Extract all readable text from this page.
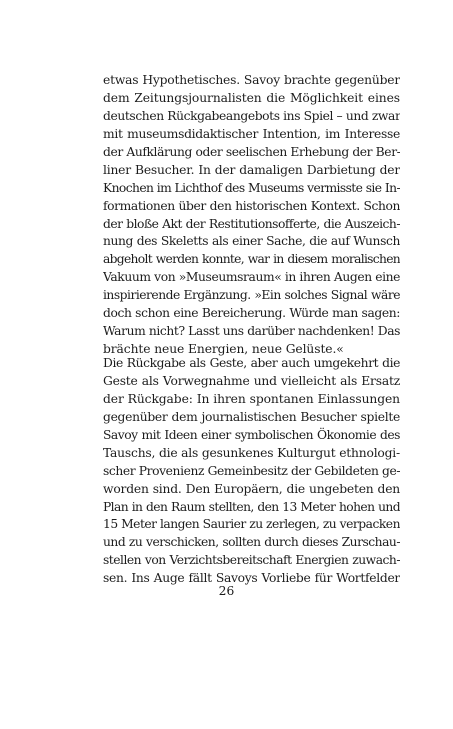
etwas Hypothetisches. Savoy brachte gegenüber
dem Zeitungsjournalisten die Möglichkeit eines
deutschen Rückgabeangebots ins Spiel – und zwar
mit museumsdidaktischer Intention, im Interesse
der Aufklärung oder seelischen Erhebung der Ber-
liner Besucher. In der damaligen Darbietung der
Knochen im Lichthof des Museums vermisste sie In-
formationen über den historischen Kontext. Schon
der bloße Akt der Restitutionsofferte, die Auszeich-
nung des Skeletts als einer Sache, die auf Wunsch
abgeholt werden konnte, war in diesem moralischen
Vakuum von »Museumsraum« in ihren Augen eine
inspirierende Ergänzung. »Ein solches Signal wäre
doch schon eine Bereicherung. Würde man sagen:
Warum nicht? Lasst uns darüber nachdenken! Das
brächte neue Energien, neue Gelüste.«
Die Rückgabe als Geste, aber auch umgekehrt die
Geste als Vorwegnahme und vielleicht als Ersatz
der Rückgabe: In ihren spontanen Einlassungen
gegenüber dem journalistischen Besucher spielte
Savoy mit Ideen einer symbolischen Ökonomie des
Tauschs, die als gesunkenes Kulturgut ethnologi-
scher Provenienz Gemeinbesitz der Gebildeten ge-
worden sind. Den Europäern, die ungebeten den
Plan in den Raum stellten, den 13 Meter hohen und
15 Meter langen Saurier zu zerlegen, zu verpacken
und zu verschicken, sollten durch dieses Zurschau-
stellen von Verzichtsbereitschaft Energien zuwach-
sen. Ins Auge fällt Savoys Vorliebe für Wortfelder
26
